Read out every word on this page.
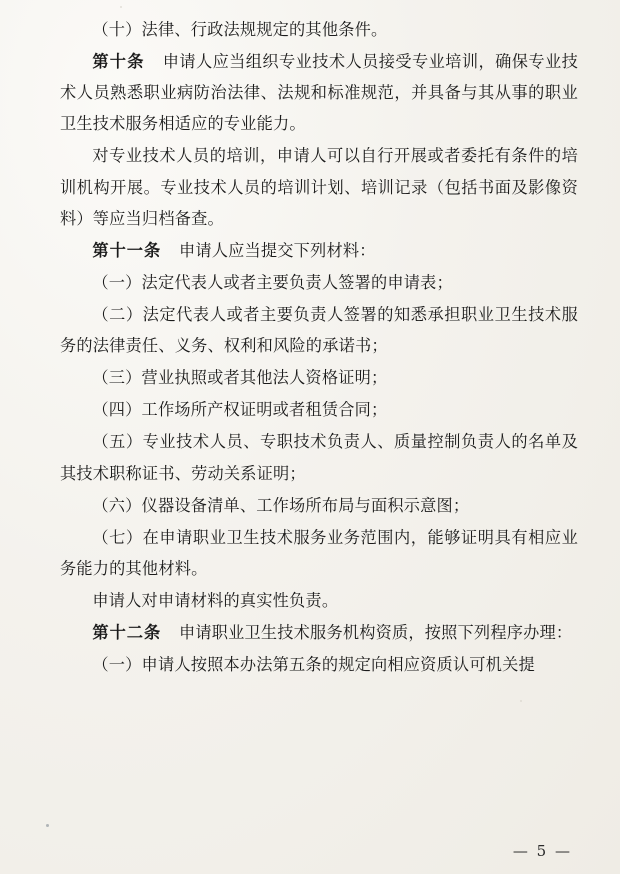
（十）法律、行政法规规定的其他条件。

第十条 申请人应当组织专业技术人员接受专业培训，确保专业技术人员熟悉职业病防治法律、法规和标准规范，并具备与其从事的职业卫生技术服务相适应的专业能力。

对专业技术人员的培训，申请人可以自行开展或者委托有条件的培训机构开展。专业技术人员的培训计划、培训记录（包括书面及影像资料）等应当归档备查。

第十一条 申请人应当提交下列材料：

（一）法定代表人或者主要负责人签署的申请表；

（二）法定代表人或者主要负责人签署的知悉承担职业卫生技术服务的法律责任、义务、权利和风险的承诺书；

（三）营业执照或者其他法人资格证明；

（四）工作场所产权证明或者租赁合同；

（五）专业技术人员、专职技术负责人、质量控制负责人的名单及其技术职称证书、劳动关系证明；

（六）仪器设备清单、工作场所布局与面积示意图；

（七）在申请职业卫生技术服务业务范围内，能够证明具有相应业务能力的其他材料。

申请人对申请材料的真实性负责。

第十二条 申请职业卫生技术服务机构资质，按照下列程序办理：

（一）申请人按照本办法第五条的规定向相应资质认可机关提

— 5 —
